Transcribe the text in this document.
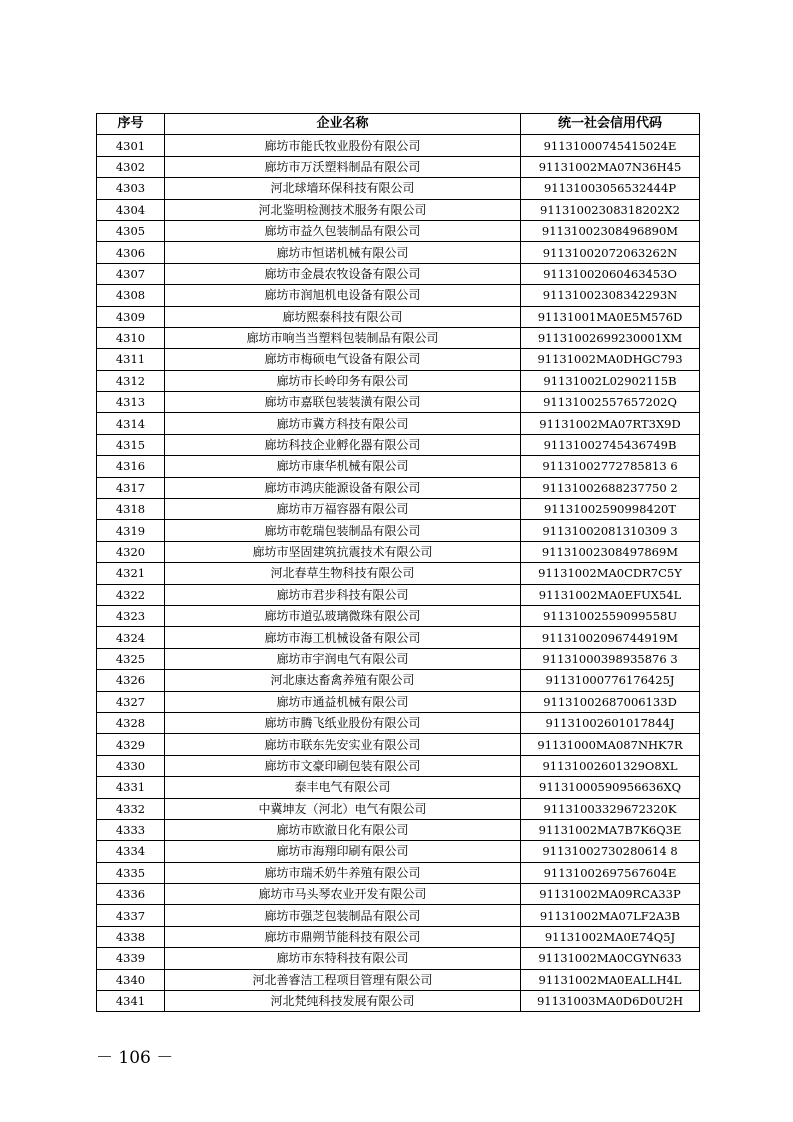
序号	企业名称	统一社会信用代码
4301	廊坊市能氏牧业股份有限公司	91131000745415024E
4302	廊坊市万沃塑料制品有限公司	91131002MA07N36H45
4303	河北球墙环保科技有限公司	91131003056532444P
4304	河北鉴明检测技术服务有限公司	91131002308318202X2
4305	廊坊市益久包装制品有限公司	91131002308496890M
4306	廊坊市恒诺机械有限公司	91131002072063262N
4307	廊坊市金晨农牧设备有限公司	91131002060463453O
4308	廊坊市润旭机电设备有限公司	91131002308342293N
4309	廊坊熙泰科技有限公司	91131001MA0E5M576D
4310	廊坊市响当当塑料包装制品有限公司	91131002699230001XM
4311	廊坊市梅硕电气设备有限公司	91131002MA0DHGC793
4312	廊坊市长岭印务有限公司	91131002L02902115B
4313	廊坊市嘉联包装装潢有限公司	91131002557657202Q
4314	廊坊市冀方科技有限公司	91131002MA07RT3X9D
4315	廊坊科技企业孵化器有限公司	91131002745436749B
4316	廊坊市康华机械有限公司	91131002772785813 6
4317	廊坊市鸿庆能源设备有限公司	91131002688237750 2
4318	廊坊市万福容器有限公司	91131002590998420T
4319	廊坊市乾瑞包装制品有限公司	91131002081310309 3
4320	廊坊市坚固建筑抗震技术有限公司	91131002308497869M
4321	河北春草生物科技有限公司	91131002MA0CDR7C5Y
4322	廊坊市君步科技有限公司	91131002MA0EFUX54L
4323	廊坊市道弘玻璃微珠有限公司	91131002559099558U
4324	廊坊市海工机械设备有限公司	91131002096744919M
4325	廊坊市宇润电气有限公司	91131000398935876 3
4326	河北康达畜禽养殖有限公司	91131000776176425J
4327	廊坊市通益机械有限公司	91131002687006133D
4328	廊坊市腾飞纸业股份有限公司	91131002601017844J
4329	廊坊市联东先安实业有限公司	91131000MA087NHK7R
4330	廊坊市文豪印刷包装有限公司	91131002601329O8XL
4331	泰丰电气有限公司	91131000590956636XQ
4332	中冀坤友（河北）电气有限公司	91131003329672320K
4333	廊坊市欧澈日化有限公司	91131002MA7B7K6Q3E
4334	廊坊市海翔印刷有限公司	91131002730280614 8
4335	廊坊市瑞禾奶牛养殖有限公司	91131002697567604E
4336	廊坊市马头琴农业开发有限公司	91131002MA09RCA33P
4337	廊坊市强芝包装制品有限公司	91131002MA07LF2A3B
4338	廊坊市鼎朔节能科技有限公司	91131002MA0E74Q5J
4339	廊坊市东特科技有限公司	91131002MA0CGYN633
4340	河北善睿洁工程项目管理有限公司	91131002MA0EALLH4L
4341	河北梵纯科技发展有限公司	91131003MA0D6D0U2H
－ 106 －
